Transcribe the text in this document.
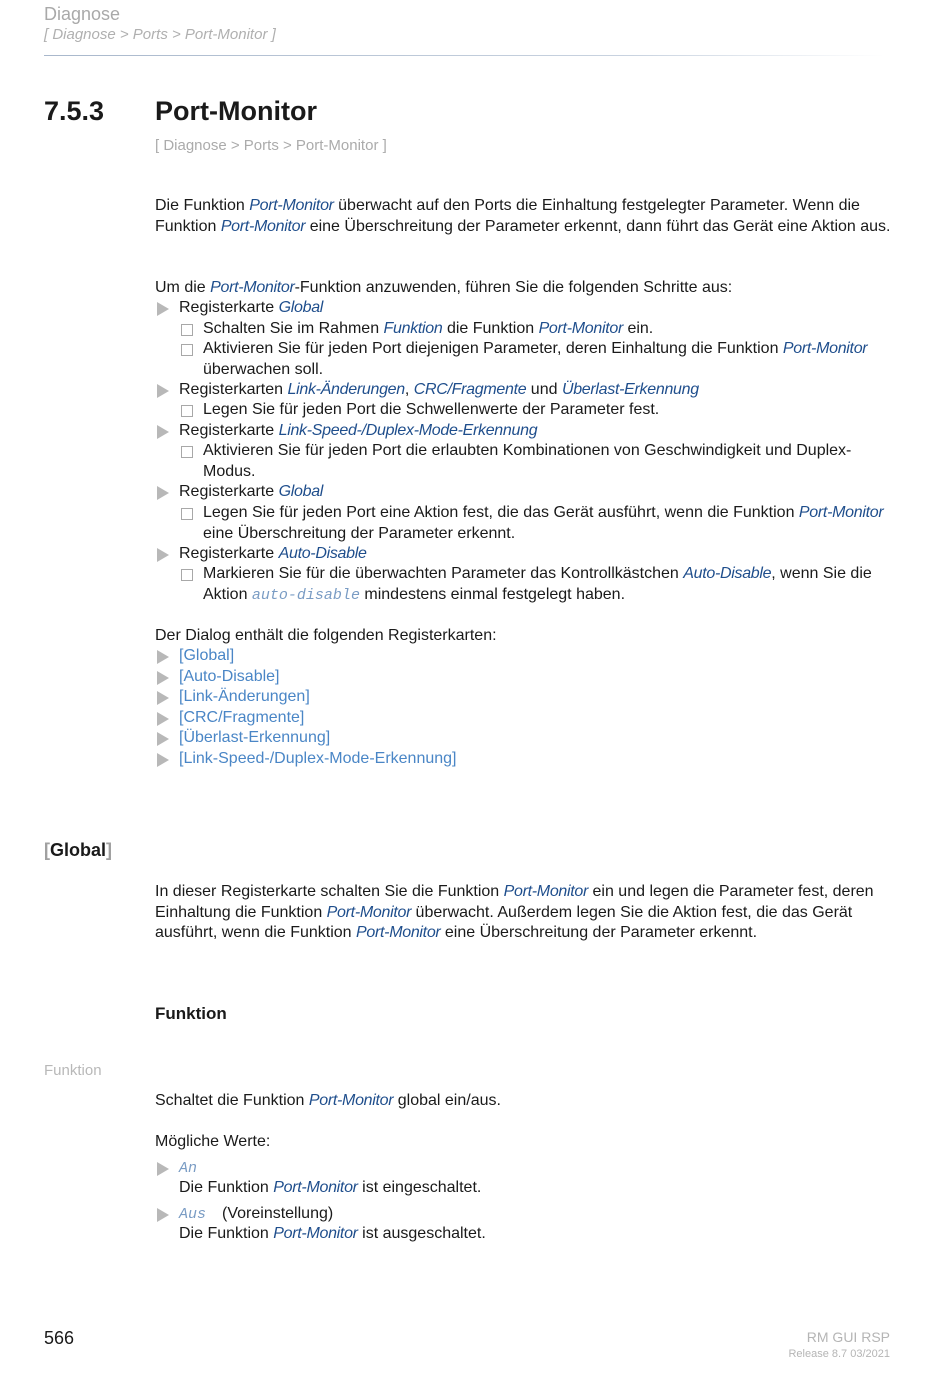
Diagnose
[ Diagnose > Ports > Port-Monitor ]
7.5.3 Port-Monitor
[ Diagnose > Ports > Port-Monitor ]
Die Funktion Port-Monitor überwacht auf den Ports die Einhaltung festgelegter Parameter. Wenn die Funktion Port-Monitor eine Überschreitung der Parameter erkennt, dann führt das Gerät eine Aktion aus.
Um die Port-Monitor-Funktion anzuwenden, führen Sie die folgenden Schritte aus:
Registerkarte Global
Schalten Sie im Rahmen Funktion die Funktion Port-Monitor ein.
Aktivieren Sie für jeden Port diejenigen Parameter, deren Einhaltung die Funktion Port-Monitor überwachen soll.
Registerkarten Link-Änderungen, CRC/Fragmente und Überlast-Erkennung
Legen Sie für jeden Port die Schwellenwerte der Parameter fest.
Registerkarte Link-Speed-/Duplex-Mode-Erkennung
Aktivieren Sie für jeden Port die erlaubten Kombinationen von Geschwindigkeit und Duplex-Modus.
Registerkarte Global
Legen Sie für jeden Port eine Aktion fest, die das Gerät ausführt, wenn die Funktion Port-Monitor eine Überschreitung der Parameter erkennt.
Registerkarte Auto-Disable
Markieren Sie für die überwachten Parameter das Kontrollkästchen Auto-Disable, wenn Sie die Aktion auto-disable mindestens einmal festgelegt haben.
Der Dialog enthält die folgenden Registerkarten:
[Global]
[Auto-Disable]
[Link-Änderungen]
[CRC/Fragmente]
[Überlast-Erkennung]
[Link-Speed-/Duplex-Mode-Erkennung]
[Global]
In dieser Registerkarte schalten Sie die Funktion Port-Monitor ein und legen die Parameter fest, deren Einhaltung die Funktion Port-Monitor überwacht. Außerdem legen Sie die Aktion fest, die das Gerät ausführt, wenn die Funktion Port-Monitor eine Überschreitung der Parameter erkennt.
Funktion
Funktion
Schaltet die Funktion Port-Monitor global ein/aus.
Mögliche Werte:
An
Die Funktion Port-Monitor ist eingeschaltet.
Aus (Voreinstellung)
Die Funktion Port-Monitor ist ausgeschaltet.
566	RM GUI RSP
Release 8.7 03/2021
